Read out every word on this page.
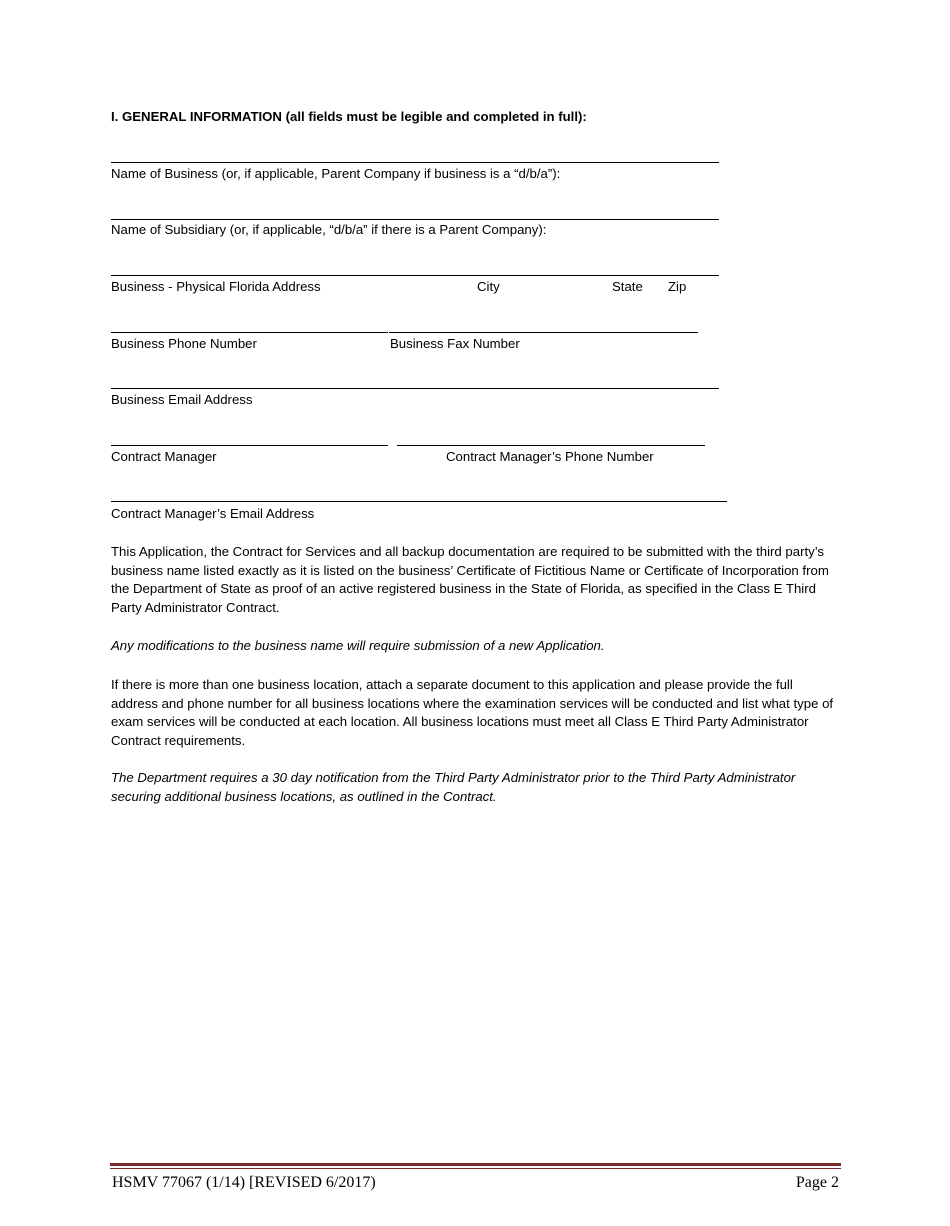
I. GENERAL INFORMATION (all fields must be legible and completed in full):
Name of Business (or, if applicable, Parent Company if business is a “d/b/a”):
Name of Subsidiary (or, if applicable, “d/b/a” if there is a Parent Company):
Business - Physical Florida Address	City	State Zip
Business Phone Number	Business Fax Number
Business Email Address
Contract Manager	Contract Manager’s Phone Number
Contract Manager’s Email Address
This Application, the Contract for Services and all backup documentation are required to be submitted with the third party’s business name listed exactly as it is listed on the business’ Certificate of Fictitious Name or Certificate of Incorporation from the Department of State as proof of an active registered business in the State of Florida, as specified in the Class E Third Party Administrator Contract.
Any modifications to the business name will require submission of a new Application.
If there is more than one business location, attach a separate document to this application and please provide the full address and phone number for all business locations where the examination services will be conducted and list what type of exam services will be conducted at each location. All business locations must meet all Class E Third Party Administrator Contract requirements.
The Department requires a 30 day notification from the Third Party Administrator prior to the Third Party Administrator securing additional business locations, as outlined in the Contract.
HSMV 77067 (1/14) [REVISED 6/2017)	Page 2
